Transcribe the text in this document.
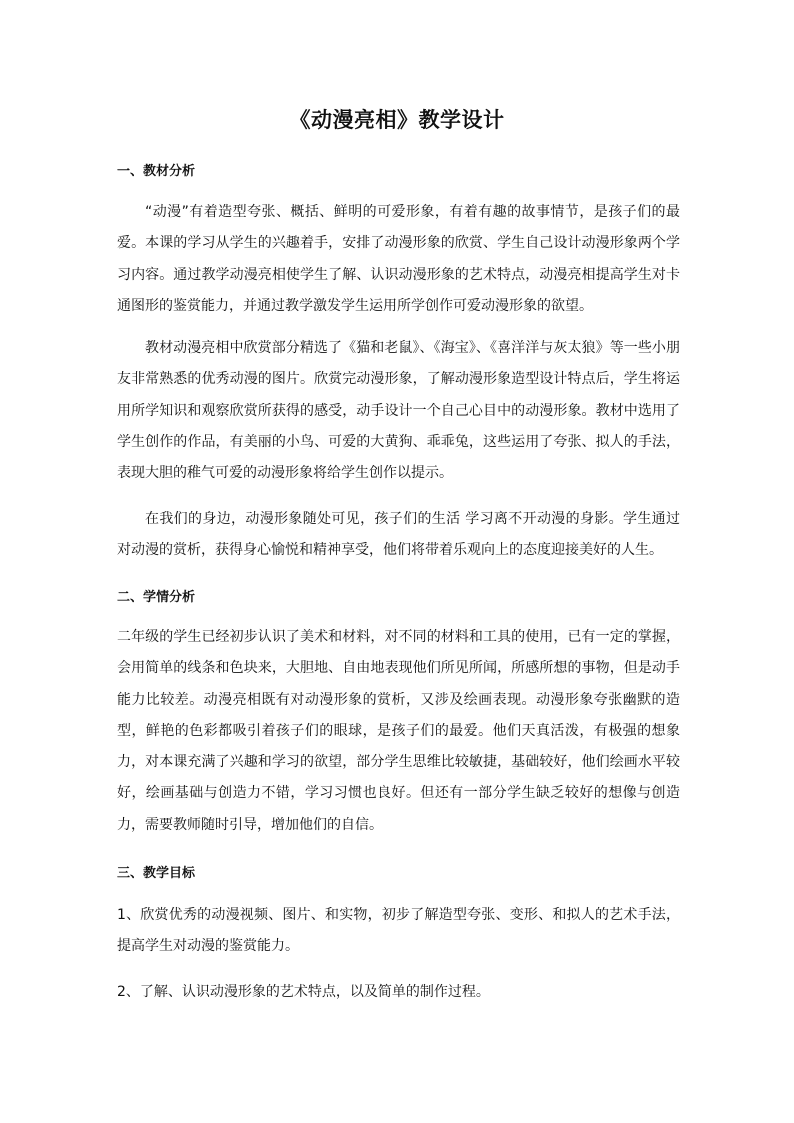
《动漫亮相》教学设计
一、教材分析

“动漫”有着造型夸张、概括、鲜明的可爱形象，有着有趣的故事情节，是孩子们的最爱。本课的学习从学生的兴趣着手，安排了动漫形象的欣赏、学生自己设计动漫形象两个学习内容。通过教学动漫亮相使学生了解、认识动漫形象的艺术特点，动漫亮相提高学生对卡通图形的鉴赏能力，并通过教学激发学生运用所学创作可爱动漫形象的欲望。

教材动漫亮相中欣赏部分精选了《猫和老鼠》、《海宝》、《喜洋洋与灰太狼》等一些小朋友非常熟悉的优秀动漫的图片。欣赏完动漫形象，了解动漫形象造型设计特点后，学生将运用所学知识和观察欣赏所获得的感受，动手设计一个自己心目中的动漫形象。教材中选用了学生创作的作品，有美丽的小鸟、可爱的大黄狗、乖乖兔，这些运用了夸张、拟人的手法，表现大胆的稚气可爱的动漫形象将给学生创作以提示。

在我们的身边，动漫形象随处可见，孩子们的生活 学习离不开动漫的身影。学生通过对动漫的赏析，获得身心愉悦和精神享受，他们将带着乐观向上的态度迎接美好的人生。

二、学情分析

二年级的学生已经初步认识了美术和材料，对不同的材料和工具的使用，已有一定的掌握，会用简单的线条和色块来，大胆地、自由地表现他们所见所闻，所感所想的事物，但是动手能力比较差。动漫亮相既有对动漫形象的赏析，又涉及绘画表现。动漫形象夸张幽默的造型，鲜艳的色彩都吸引着孩子们的眼球，是孩子们的最爱。他们天真活泼，有极强的想象力，对本课充满了兴趣和学习的欲望，部分学生思维比较敏捷，基础较好，他们绘画水平较好，绘画基础与创造力不错，学习习惯也良好。但还有一部分学生缺乏较好的想像与创造力，需要教师随时引导，增加他们的自信。

三、教学目标

1、欣赏优秀的动漫视频、图片、和实物，初步了解造型夸张、变形、和拟人的艺术手法，提高学生对动漫的鉴赏能力。

2、了解、认识动漫形象的艺术特点，以及简单的制作过程。
